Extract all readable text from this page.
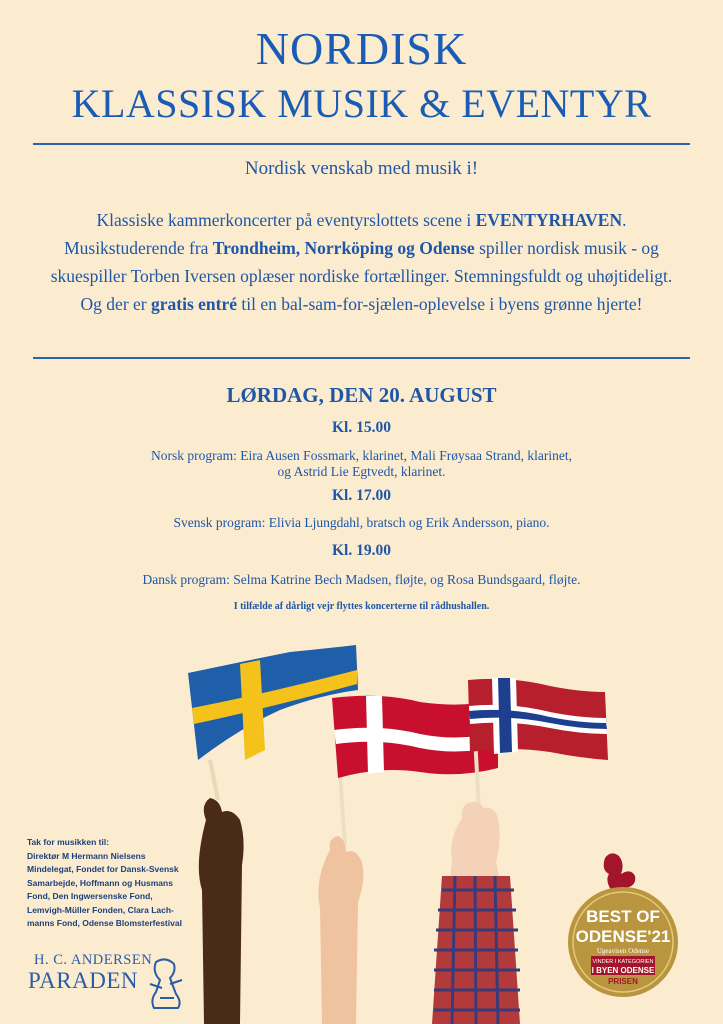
NORDISK
KLASSISK MUSIK & EVENTYR
Nordisk venskab med musik i!
Klassiske kammerkoncerter på eventyrslottets scene i EVENTYRHAVEN. Musikstuderende fra Trondheim, Norrköping og Odense spiller nordisk musik - og skuespiller Torben Iversen oplæser nordiske fortællinger. Stemningsfuldt og uhøjtideligt. Og der er gratis entré til en bal-sam-for-sjælen-oplevelse i byens grønne hjerte!
LØRDAG, DEN 20. AUGUST
Kl. 15.00
Norsk program: Eira Ausen Fossmark, klarinet, Mali Frøysaa Strand, klarinet,
og Astrid Lie Egtvedt, klarinet.
Kl. 17.00
Svensk program: Elivia Ljungdahl, bratsch og Erik Andersson, piano.
Kl. 19.00
Dansk program: Selma Katrine Bech Madsen, fløjte, og Rosa Bundsgaard, fløjte.
I tilfælde af dårligt vejr flyttes koncerterne til rådhushallen.
Tak for musikken til:
Direktør M Hermann Nielsens
Mindelegat, Fondet for Dansk-Svensk
Samarbejde, Hoffmann og Husmans
Fond, Den Ingwersenske Fond,
Lemvigh-Müller Fonden, Clara Lach-
manns Fond, Odense Blomsterfestival
H. C. ANDERSEN
PARADEN
BEST OF
ODENSE'21
Ugeavisen Odense
VINDER I KATEGORIEN
I BYEN ODENSE
PRISEN
